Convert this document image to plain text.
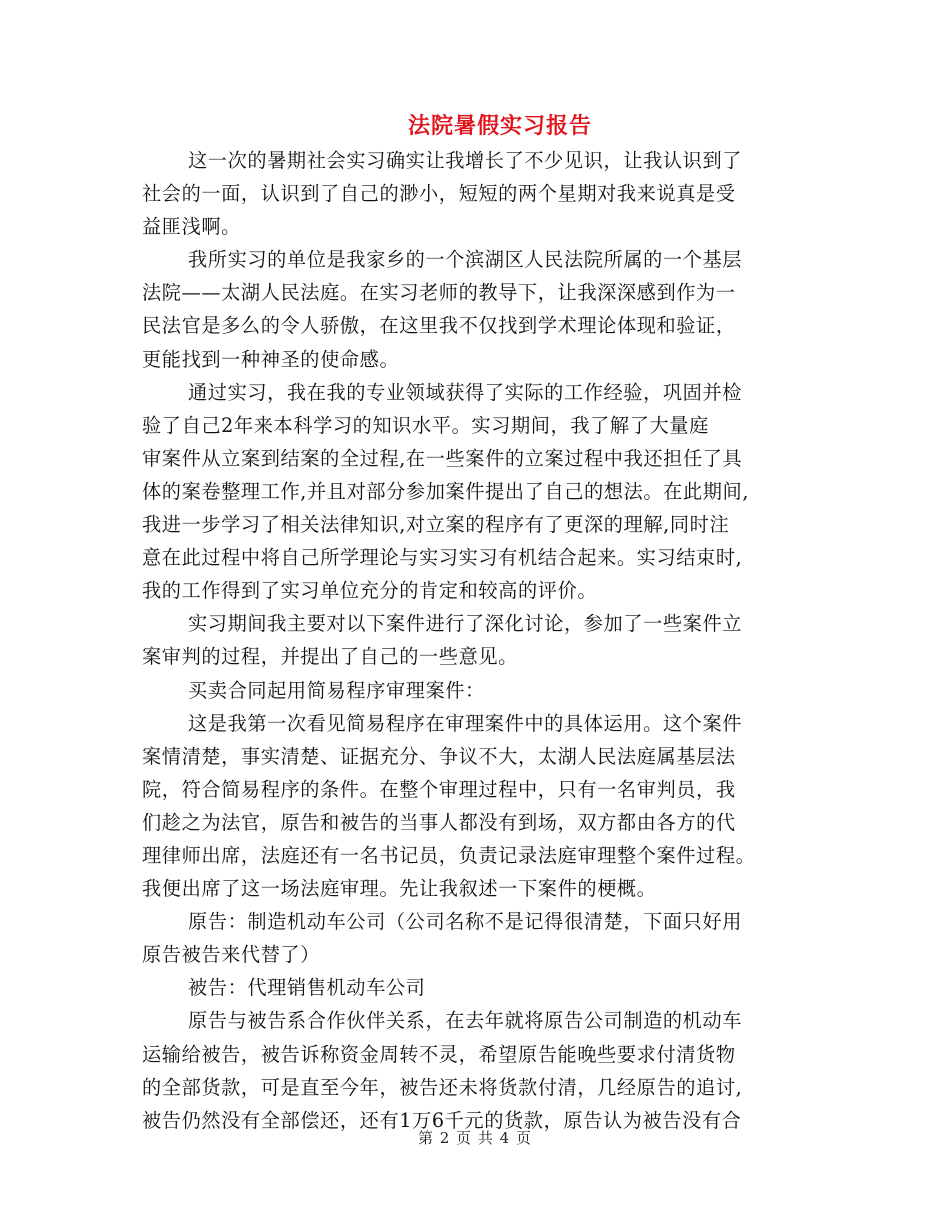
法院暑假实习报告
这一次的暑期社会实习确实让我增长了不少见识，让我认识到了
社会的一面，认识到了自己的渺小，短短的两个星期对我来说真是受
益匪浅啊。
我所实习的单位是我家乡的一个滨湖区人民法院所属的一个基层
法院——太湖人民法庭。在实习老师的教导下，让我深深感到作为一
民法官是多么的令人骄傲，在这里我不仅找到学术理论体现和验证，
更能找到一种神圣的使命感。
通过实习，我在我的专业领域获得了实际的工作经验，巩固并检
验了自己2年来本科学习的知识水平。实习期间，我了解了大量庭
审案件从立案到结案的全过程,在一些案件的立案过程中我还担任了具
体的案卷整理工作,并且对部分参加案件提出了自己的想法。在此期间,
我进一步学习了相关法律知识,对立案的程序有了更深的理解,同时注
意在此过程中将自己所学理论与实习实习有机结合起来。实习结束时,
我的工作得到了实习单位充分的肯定和较高的评价。
实习期间我主要对以下案件进行了深化讨论，参加了一些案件立
案审判的过程，并提出了自己的一些意见。
买卖合同起用简易程序审理案件：
这是我第一次看见简易程序在审理案件中的具体运用。这个案件
案情清楚，事实清楚、证据充分、争议不大，太湖人民法庭属基层法
院，符合简易程序的条件。在整个审理过程中，只有一名审判员，我
们趁之为法官，原告和被告的当事人都没有到场，双方都由各方的代
理律师出席，法庭还有一名书记员，负责记录法庭审理整个案件过程。
我便出席了这一场法庭审理。先让我叙述一下案件的梗概。
原告：制造机动车公司（公司名称不是记得很清楚，下面只好用
原告被告来代替了）
被告：代理销售机动车公司
原告与被告系合作伙伴关系，在去年就将原告公司制造的机动车
运输给被告，被告诉称资金周转不灵，希望原告能晚些要求付清货物
的全部货款，可是直至今年，被告还未将货款付清，几经原告的追讨,
被告仍然没有全部偿还，还有1万6千元的货款，原告认为被告没有合
第 2 页 共 4 页
